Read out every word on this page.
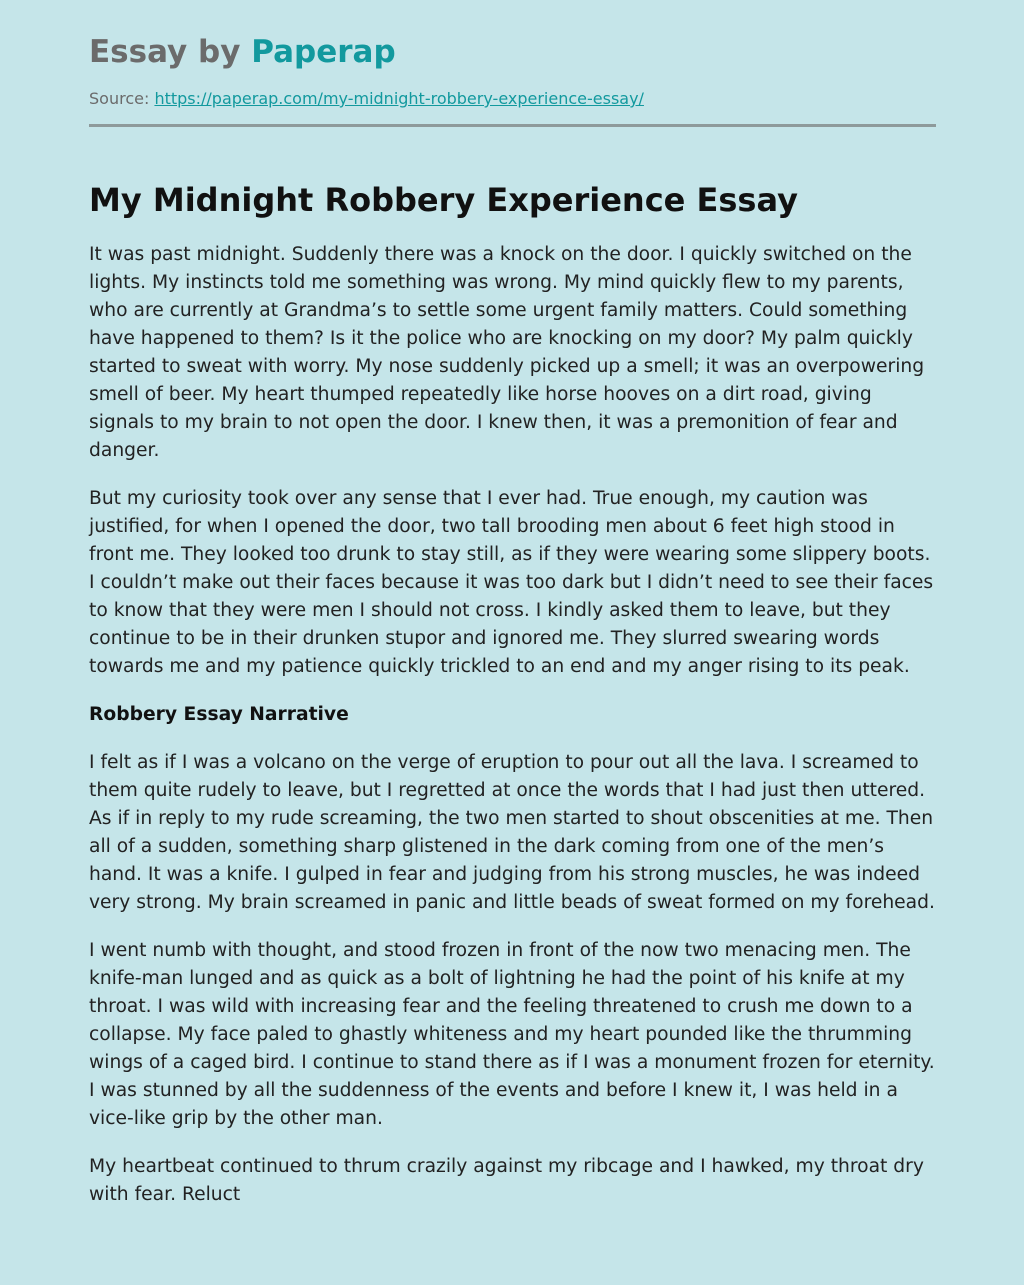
Essay by Paperap
Source: https://paperap.com/my-midnight-robbery-experience-essay/
My Midnight Robbery Experience Essay

It was past midnight. Suddenly there was a knock on the door. I quickly switched on the lights. My instincts told me something was wrong. My mind quickly flew to my parents, who are currently at Grandma’s to settle some urgent family matters. Could something have happened to them? Is it the police who are knocking on my door? My palm quickly started to sweat with worry. My nose suddenly picked up a smell; it was an overpowering smell of beer. My heart thumped repeatedly like horse hooves on a dirt road, giving signals to my brain to not open the door. I knew then, it was a premonition of fear and danger.

But my curiosity took over any sense that I ever had. True enough, my caution was justified, for when I opened the door, two tall brooding men about 6 feet high stood in front me. They looked too drunk to stay still, as if they were wearing some slippery boots. I couldn’t make out their faces because it was too dark but I didn’t need to see their faces to know that they were men I should not cross. I kindly asked them to leave, but they continue to be in their drunken stupor and ignored me. They slurred swearing words towards me and my patience quickly trickled to an end and my anger rising to its peak.

Robbery Essay Narrative

I felt as if I was a volcano on the verge of eruption to pour out all the lava. I screamed to them quite rudely to leave, but I regretted at once the words that I had just then uttered. As if in reply to my rude screaming, the two men started to shout obscenities at me. Then all of a sudden, something sharp glistened in the dark coming from one of the men’s hand. It was a knife. I gulped in fear and judging from his strong muscles, he was indeed very strong. My brain screamed in panic and little beads of sweat formed on my forehead.

I went numb with thought, and stood frozen in front of the now two menacing men. The knife-man lunged and as quick as a bolt of lightning he had the point of his knife at my throat. I was wild with increasing fear and the feeling threatened to crush me down to a collapse. My face paled to ghastly whiteness and my heart pounded like the thrumming wings of a caged bird. I continue to stand there as if I was a monument frozen for eternity. I was stunned by all the suddenness of the events and before I knew it, I was held in a vice-like grip by the other man.

My heartbeat continued to thrum crazily against my ribcage and I hawked, my throat dry with fear. Reluct
